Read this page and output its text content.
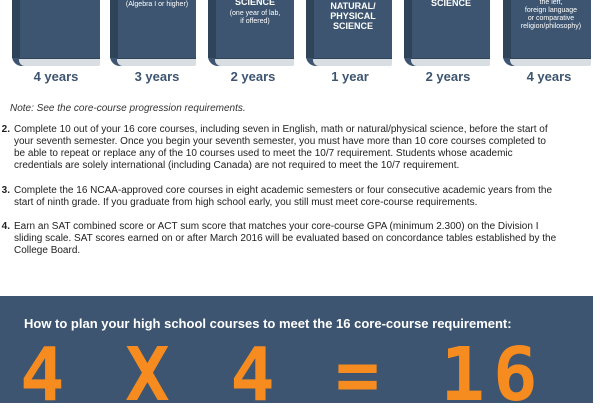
(Algebra I or higher)	SCIENCE
(one year of lab,
if offered)
NATURAL/
PHYSICAL
SCIENCE
SCIENCE	the left,
foreign language
or comparative
religion/philosophy)
4 years	3 years	2 years	1 year	2 years	4 years
Note: See the core-course progression requirements.
2. Complete 10 out of your 16 core courses, including seven in English, math or natural/physical science, before the start of your seventh semester. Once you begin your seventh semester, you must have more than 10 core courses completed to be able to repeat or replace any of the 10 courses used to meet the 10/7 requirement. Students whose academic credentials are solely international (including Canada) are not required to meet the 10/7 requirement.
3. Complete the 16 NCAA-approved core courses in eight academic semesters or four consecutive academic years from the start of ninth grade. If you graduate from high school early, you still must meet core-course requirements.
4. Earn an SAT combined score or ACT sum score that matches your core-course GPA (minimum 2.300) on the Division I sliding scale. SAT scores earned on or after March 2016 will be evaluated based on concordance tables established by the College Board.
How to plan your high school courses to meet the 16 core-course requirement:
4 X 4 = 16
